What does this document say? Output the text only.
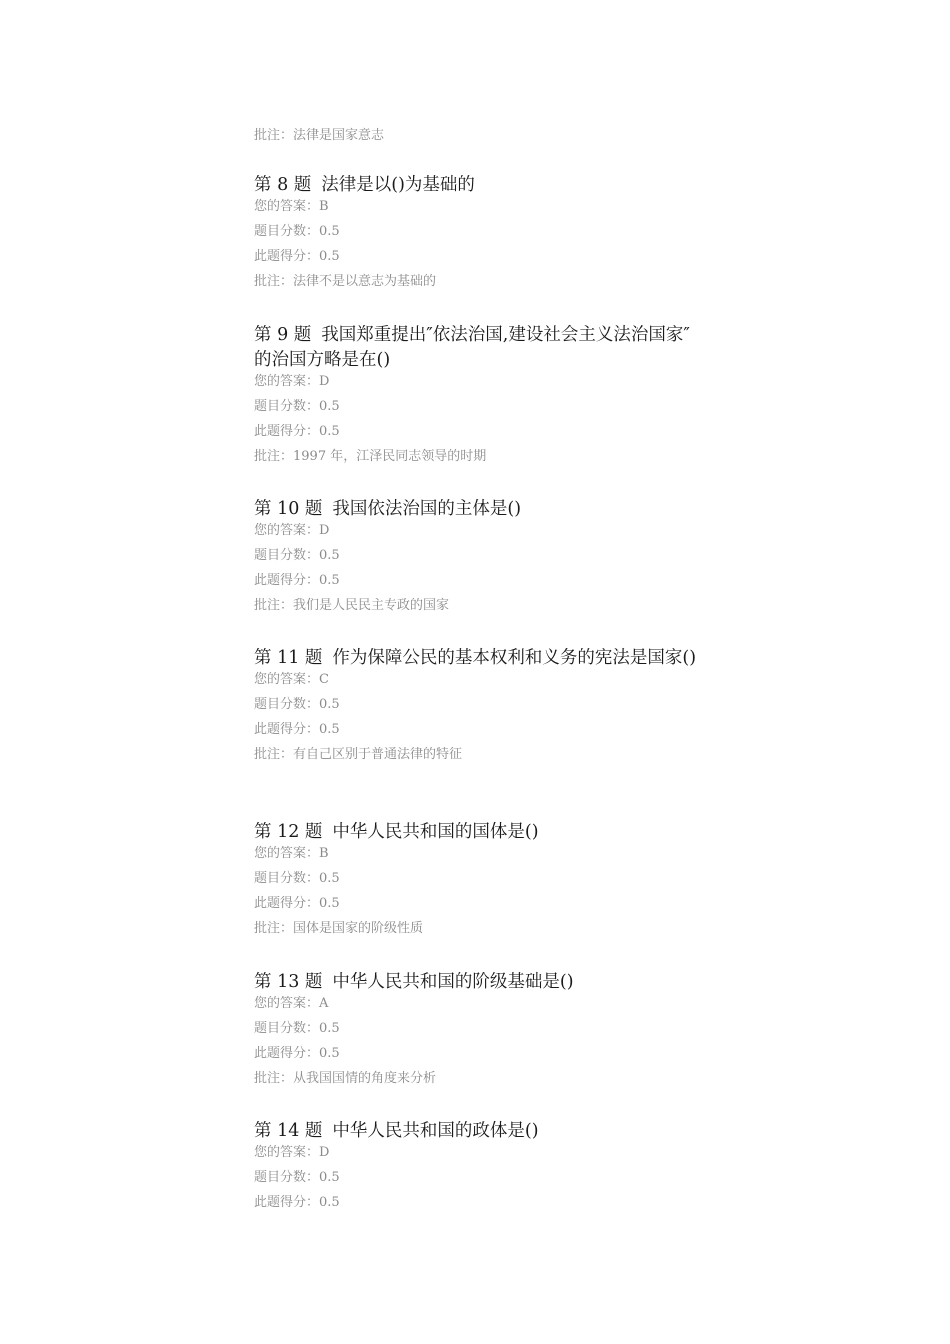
批注：法律是国家意志
第 8 题 法律是以()为基础的
您的答案：B
题目分数：0.5
此题得分：0.5
批注：法律不是以意志为基础的
第 9 题 我国郑重提出″依法治国,建设社会主义法治国家″的治国方略是在()
您的答案：D
题目分数：0.5
此题得分：0.5
批注：1997 年，江泽民同志领导的时期
第 10 题 我国依法治国的主体是()
您的答案：D
题目分数：0.5
此题得分：0.5
批注：我们是人民民主专政的国家
第 11 题 作为保障公民的基本权利和义务的宪法是国家()
您的答案：C
题目分数：0.5
此题得分：0.5
批注：有自己区别于普通法律的特征
第 12 题 中华人民共和国的国体是()
您的答案：B
题目分数：0.5
此题得分：0.5
批注：国体是国家的阶级性质
第 13 题 中华人民共和国的阶级基础是()
您的答案：A
题目分数：0.5
此题得分：0.5
批注：从我国国情的角度来分析
第 14 题 中华人民共和国的政体是()
您的答案：D
题目分数：0.5
此题得分：0.5
